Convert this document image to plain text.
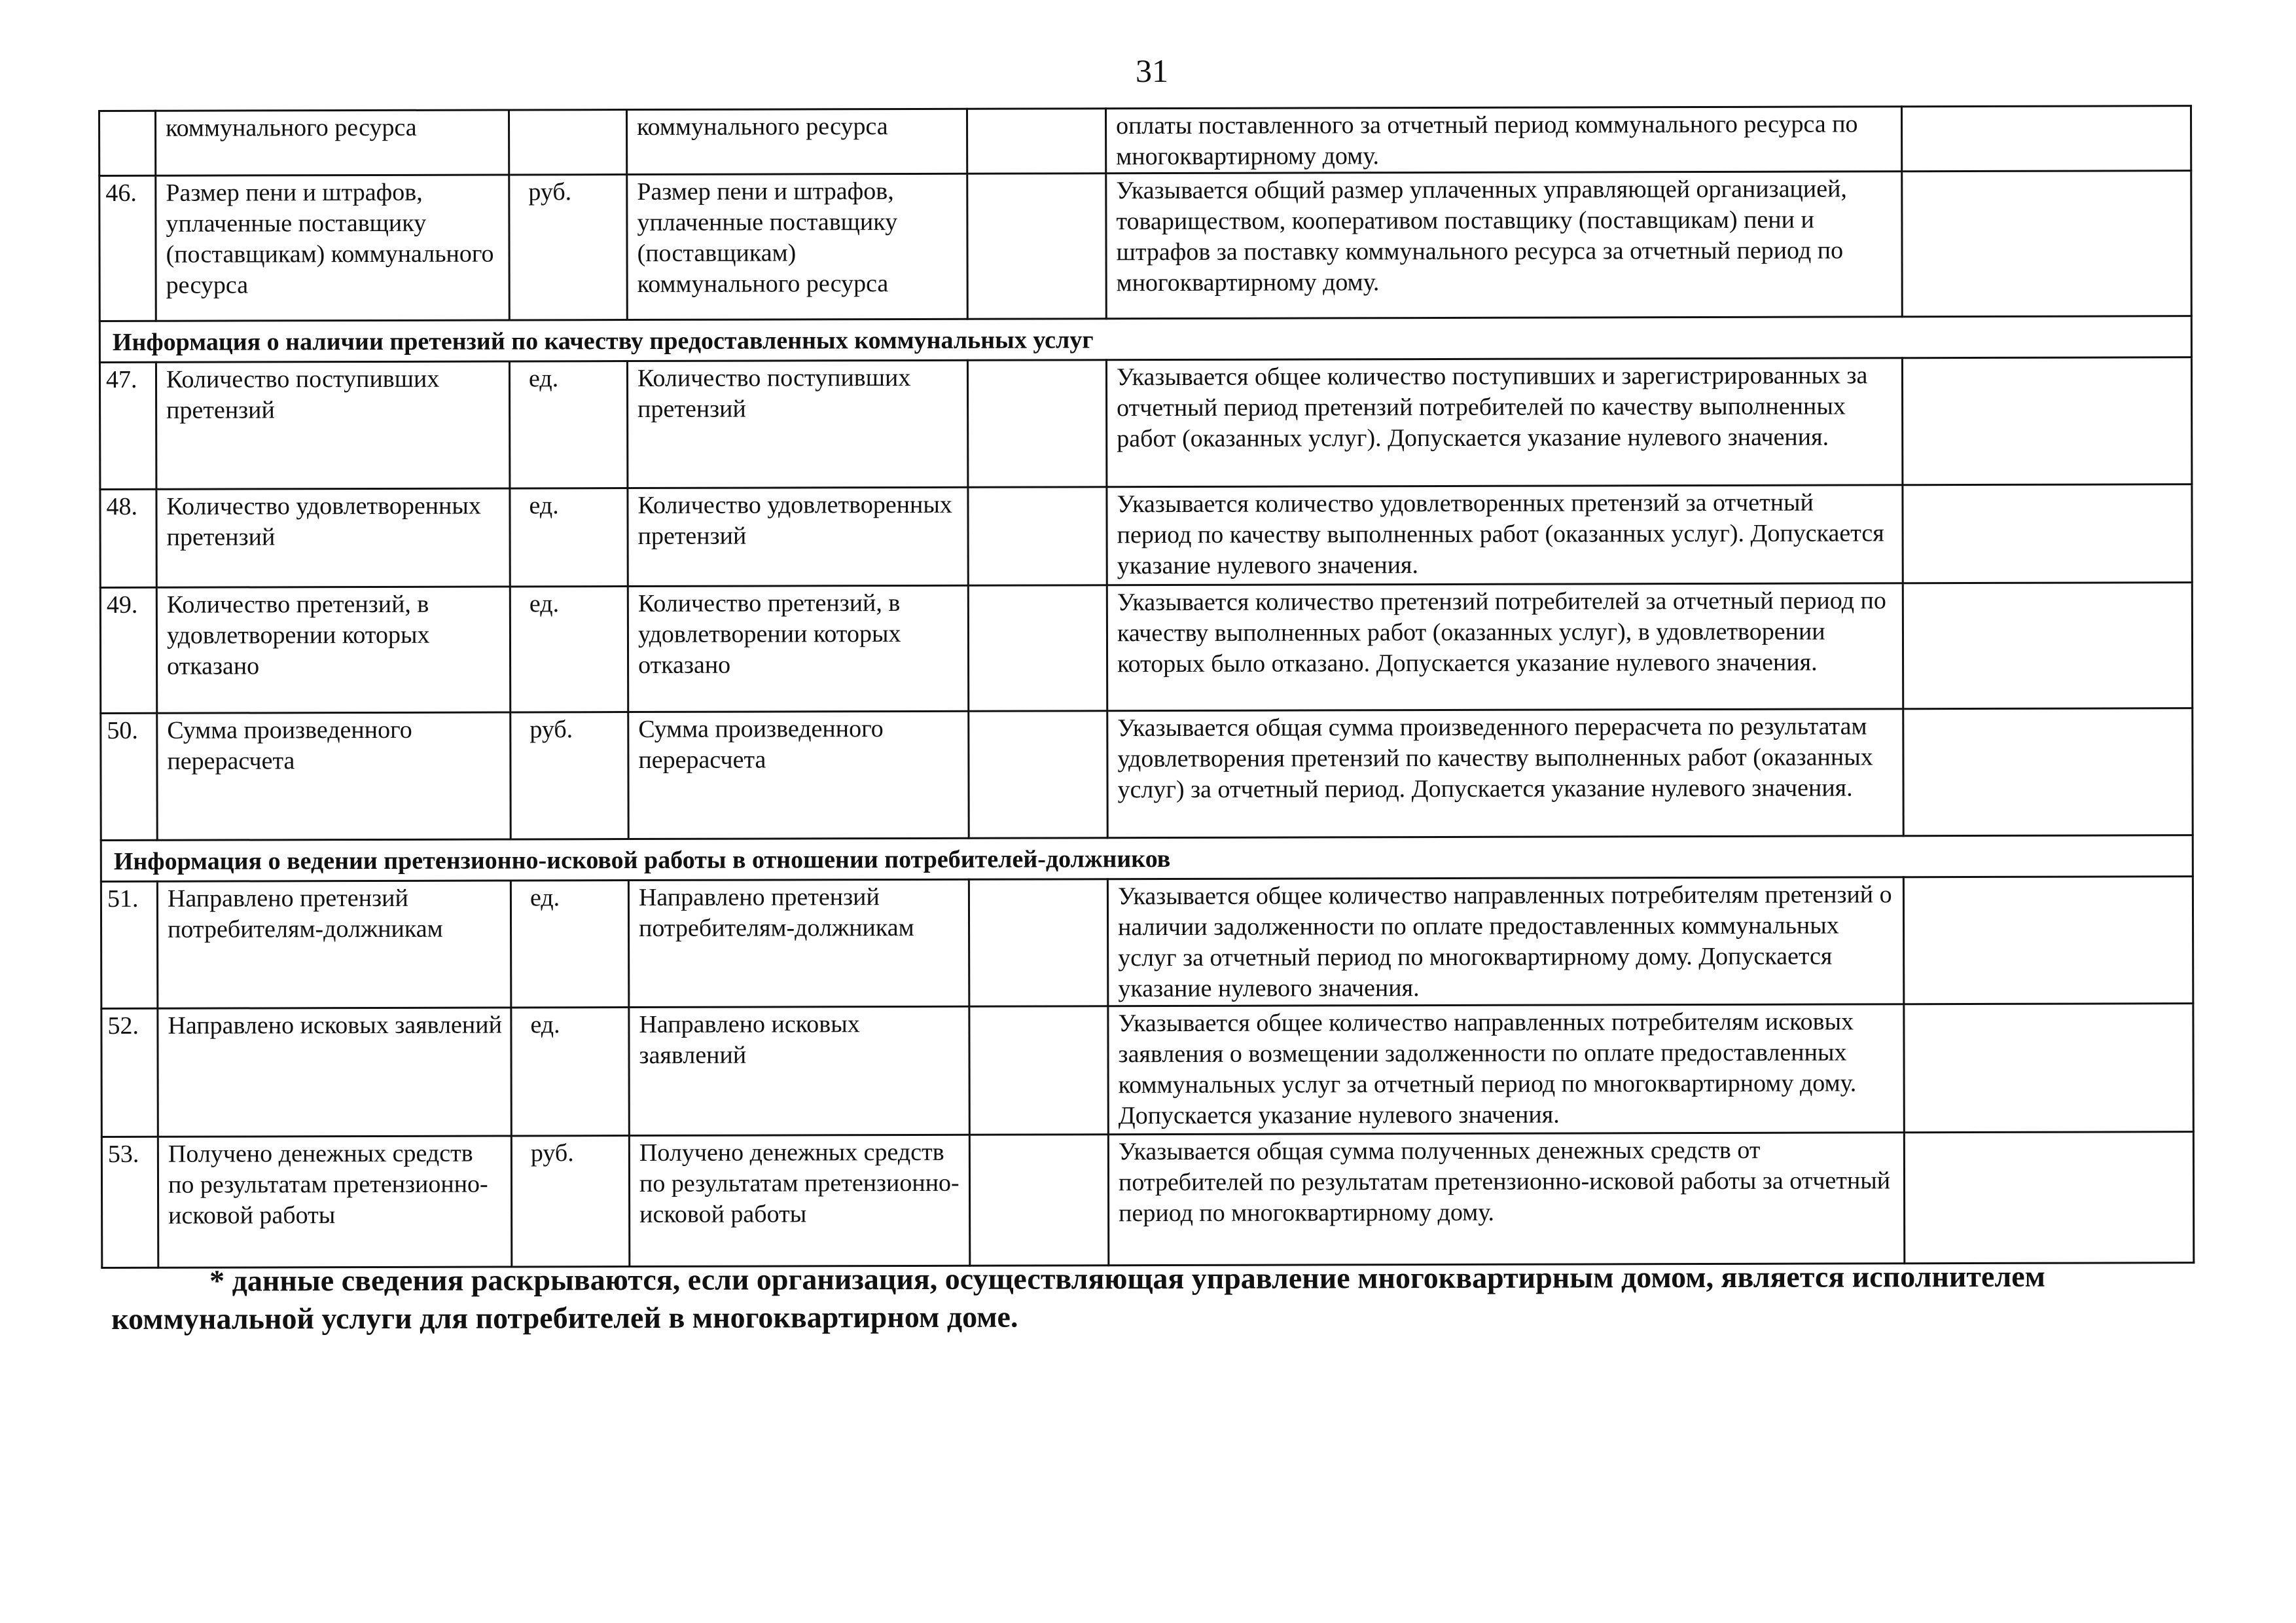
31
	коммунального ресурса		коммунального ресурса		оплаты поставленного за отчетный период коммунального ресурса по многоквартирному дому.	
46.	Размер пени и штрафов, уплаченные поставщику (поставщикам) коммунального ресурса	руб.	Размер пени и штрафов, уплаченные поставщику (поставщикам) коммунального ресурса		Указывается общий размер уплаченных управляющей организацией, товариществом, кооперативом поставщику (поставщикам) пени и штрафов за поставку коммунального ресурса за отчетный период по многоквартирному дому.	
Информация о наличии претензий по качеству предоставленных коммунальных услуг						
47.	Количество поступивших претензий	ед.	Количество поступивших претензий		Указывается общее количество поступивших и зарегистрированных за отчетный период претензий потребителей по качеству выполненных работ (оказанных услуг). Допускается указание нулевого значения.	
48.	Количество удовлетворенных претензий	ед.	Количество удовлетворенных претензий		Указывается количество удовлетворенных претензий за отчетный период по качеству выполненных работ (оказанных услуг). Допускается указание нулевого значения.	
49.	Количество претензий, в удовлетворении которых отказано	ед.	Количество претензий, в удовлетворении которых отказано		Указывается количество претензий потребителей за отчетный период по качеству выполненных работ (оказанных услуг), в удовлетворении которых было отказано. Допускается указание нулевого значения.	
50.	Сумма произведенного перерасчета	руб.	Сумма произведенного перерасчета		Указывается общая сумма произведенного перерасчета по результатам удовлетворения претензий по качеству выполненных работ (оказанных услуг) за отчетный период. Допускается указание нулевого значения.	
Информация о ведении претензионно-исковой работы в отношении потребителей-должников						
51.	Направлено претензий потребителям-должникам	ед.	Направлено претензий потребителям-должникам		Указывается общее количество направленных потребителям претензий о наличии задолженности по оплате предоставленных коммунальных услуг за отчетный период по многоквартирному дому. Допускается указание нулевого значения.	
52.	Направлено исковых заявлений	ед.	Направлено исковых заявлений		Указывается общее количество направленных потребителям исковых заявления о возмещении задолженности по оплате предоставленных коммунальных услуг за отчетный период по многоквартирному дому. Допускается указание нулевого значения.	
53.	Получено денежных средств по результатам претензионно-исковой работы	руб.	Получено денежных средств по результатам претензионно-исковой работы		Указывается общая сумма полученных денежных средств от потребителей по результатам претензионно-исковой работы за отчетный период по многоквартирному дому.	
* данные сведения раскрываются, если организация, осуществляющая управление многоквартирным домом, является исполнителем
коммунальной услуги для потребителей в многоквартирном доме.
